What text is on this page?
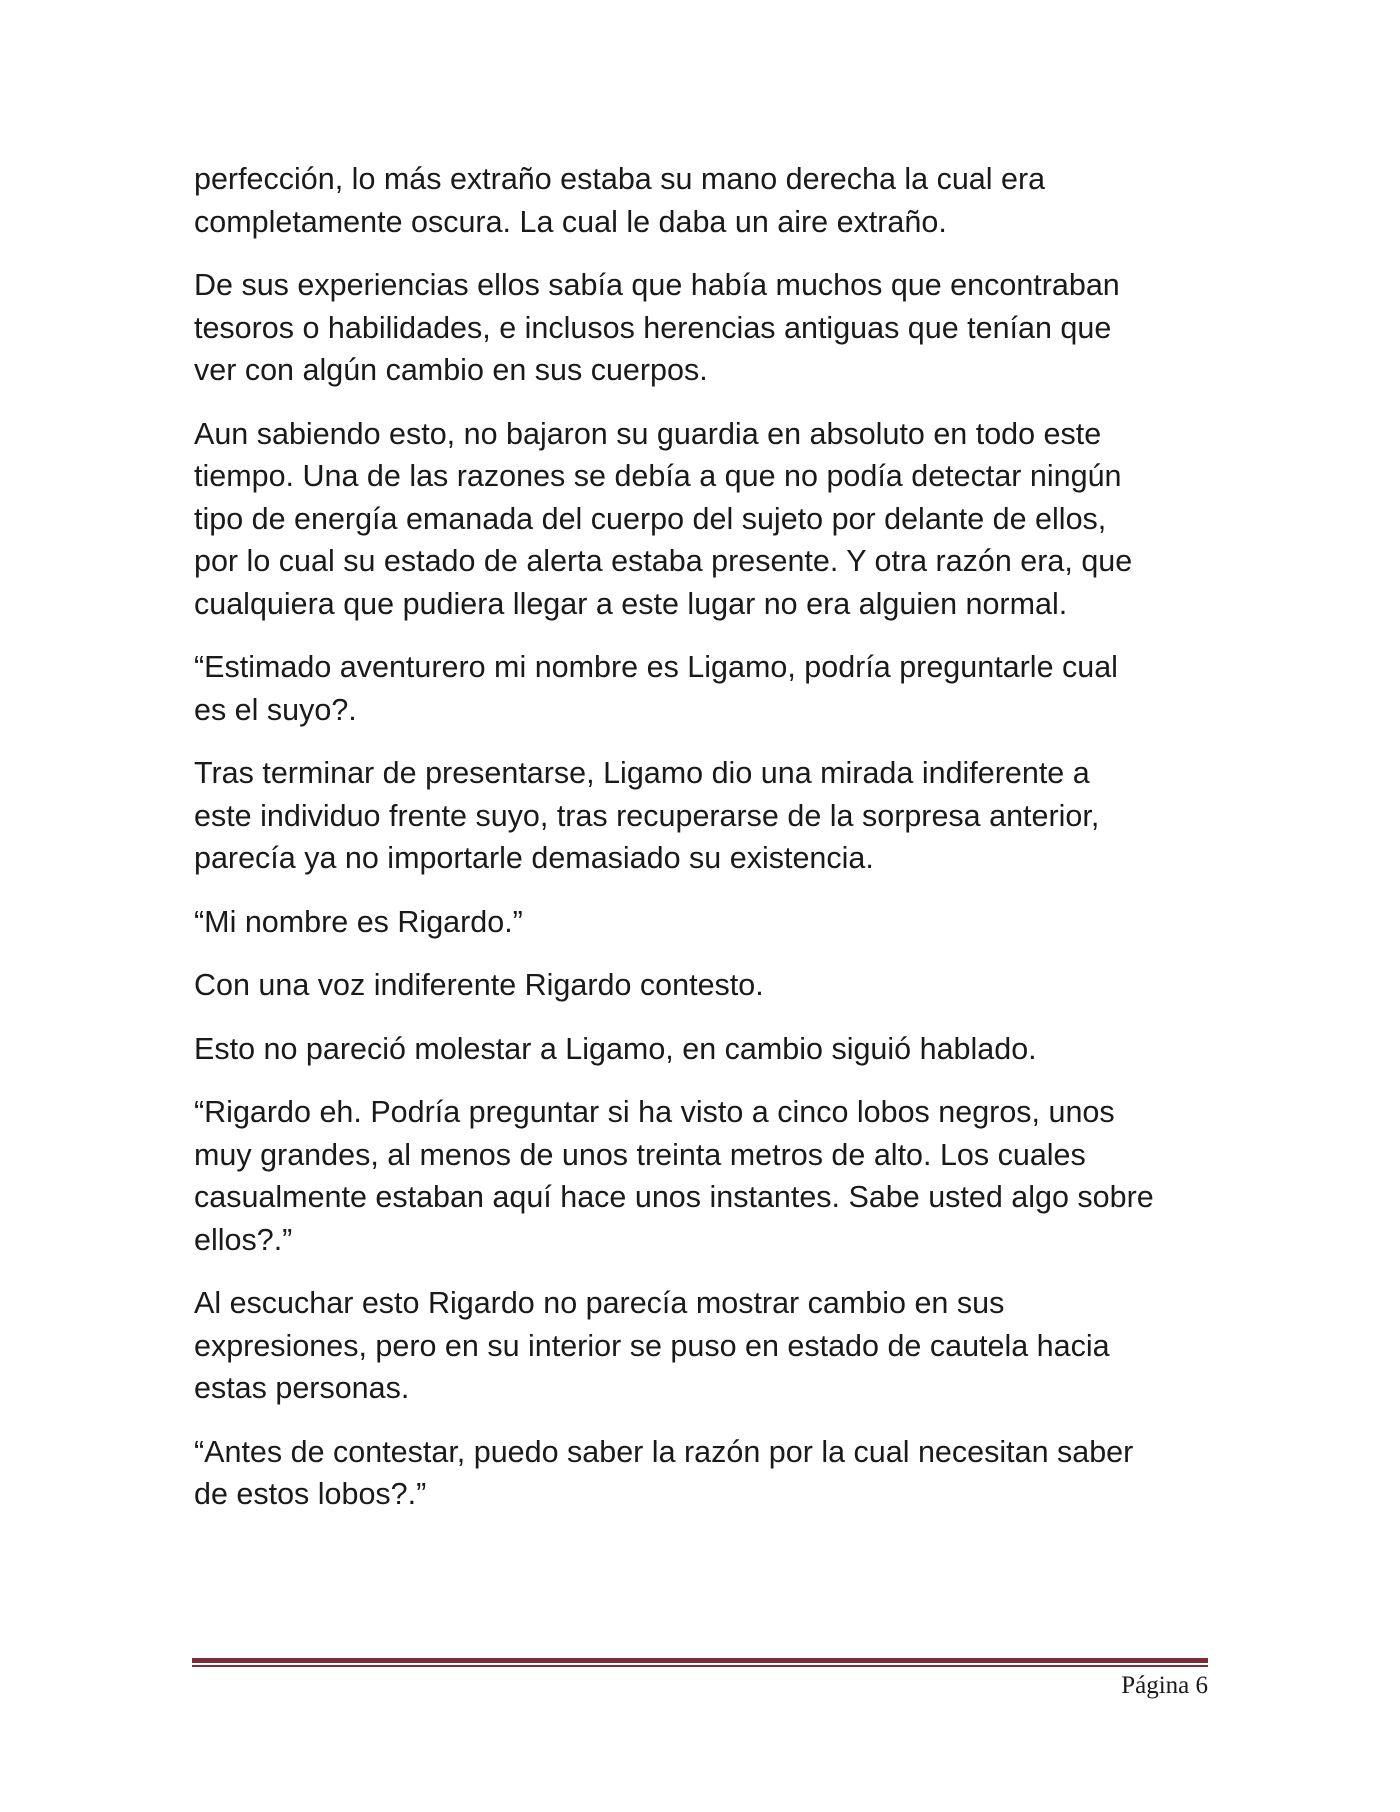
perfección, lo más extraño estaba su mano derecha la cual era
completamente oscura. La cual le daba un aire extraño.

De sus experiencias ellos sabía que había muchos que encontraban
tesoros o habilidades, e inclusos herencias antiguas que tenían que
ver con algún cambio en sus cuerpos.

Aun sabiendo esto, no bajaron su guardia en absoluto en todo este
tiempo. Una de las razones se debía a que no podía detectar ningún
tipo de energía emanada del cuerpo del sujeto por delante de ellos,
por lo cual su estado de alerta estaba presente. Y otra razón era, que
cualquiera que pudiera llegar a este lugar no era alguien normal.

“Estimado aventurero mi nombre es Ligamo, podría preguntarle cual
es el suyo?.

Tras terminar de presentarse, Ligamo dio una mirada indiferente a
este individuo frente suyo, tras recuperarse de la sorpresa anterior,
parecía ya no importarle demasiado su existencia.

“Mi nombre es Rigardo.”

Con una voz indiferente Rigardo contesto.

Esto no pareció molestar a Ligamo, en cambio siguió hablado.

“Rigardo eh. Podría preguntar si ha visto a cinco lobos negros, unos
muy grandes, al menos de unos treinta metros de alto. Los cuales
casualmente estaban aquí hace unos instantes. Sabe usted algo sobre
ellos?.”

Al escuchar esto Rigardo no parecía mostrar cambio en sus
expresiones, pero en su interior se puso en estado de cautela hacia
estas personas.

“Antes de contestar, puedo saber la razón por la cual necesitan saber
de estos lobos?.”

Página 6
